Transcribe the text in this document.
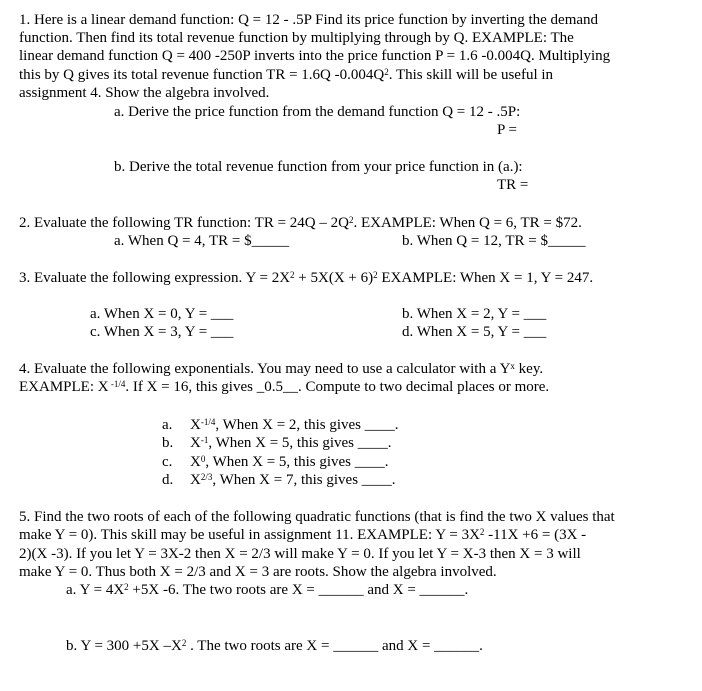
1. Here is a linear demand function: Q = 12 - .5P Find its price function by inverting the demand
function. Then find its total revenue function by multiplying through by Q. EXAMPLE: The
linear demand function Q = 400 -250P inverts into the price function P = 1.6 -0.004Q. Multiplying
this by Q gives its total revenue function TR = 1.6Q $-0.004Q^2$. This skill will be useful in
assignment 4. Show the algebra involved.
a. Derive the price function from the demand function Q = 12 - .5P:
P =
b. Derive the total revenue function from your price function in (a.):
TR =
2. Evaluate the following TR function: TR = $24Q - 2Q^2$. EXAMPLE: When Q = 6, TR = $72.
a. When Q = 4, TR = $_____	b. When Q = 12, TR = $_____
3. Evaluate the following expression. $Y = 2X^2 + 5X(X + 6)^2$ EXAMPLE: When X = 1, Y = 247.
a. When X = 0, Y = ___	b. When X = 2, Y = ___
c. When X = 3, Y = ___	d. When X = 5, Y = ___
4. Evaluate the following exponentials. You may need to use a calculator with a $Y^x$ key.
EXAMPLE: X $^{-1/4}$. If X = 16, this gives _0.5__. Compute to two decimal places or more.
a. $X^{-1/4}$, When X = 2, this gives ____.
b. $X^{-1}$, When X = 5, this gives ____.
c. $X^0$, When X = 5, this gives ____.
d. $X^{2/3}$, When X = 7, this gives ____.
5. Find the two roots of each of the following quadratic functions (that is find the two X values that
make Y = 0). This skill may be useful in assignment 11. EXAMPLE: $Y = 3X^2$ -11X +6 = (3X -
2)(X -3). If you let Y = 3X-2 then X = 2/3 will make Y = 0. If you let Y = X-3 then X = 3 will
make Y = 0. Thus both X = 2/3 and X = 3 are roots. Show the algebra involved.
a. $Y = 4X^2 +5X$ -6. The two roots are X = ______ and X = ______.
b. Y = 300 +5X $-X^2$ . The two roots are X = ______ and X = ______.
